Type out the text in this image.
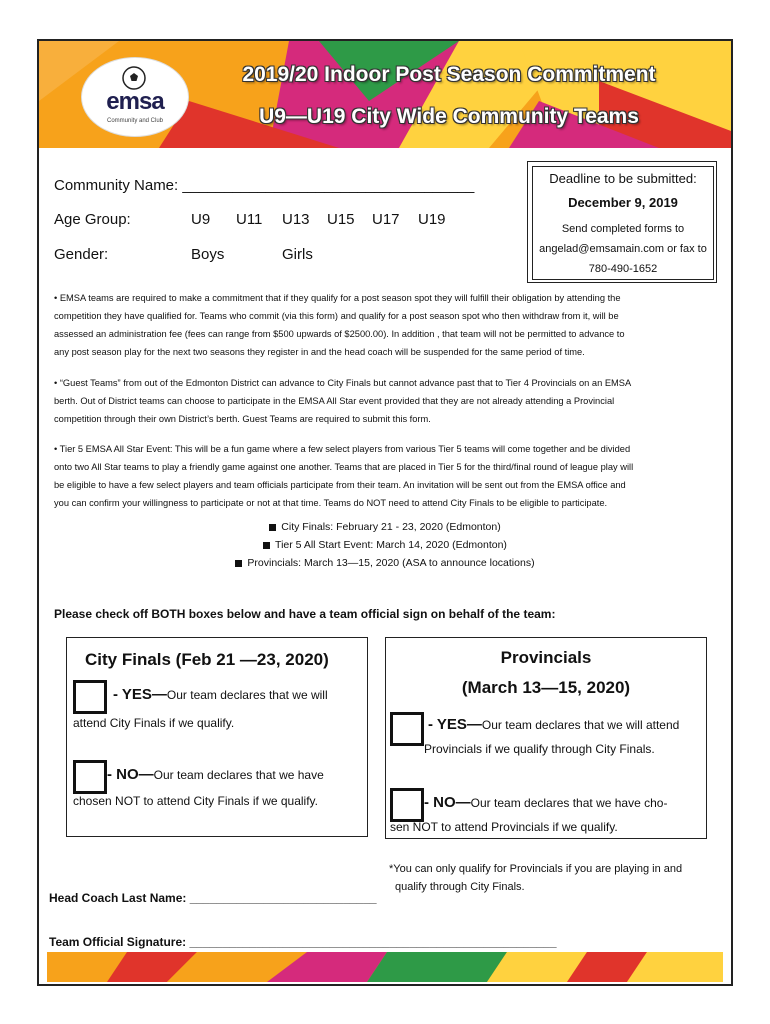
emsa
Community and Club
2019/20 Indoor Post Season Commitment
U9—U19 City Wide Community Teams
Deadline to be submitted:
December 9, 2019
Send completed forms to
angelad@emsamain.com or fax to
780-490-1652
Community Name: ___________________________________
Age Group:	U9 U11 U13 U15 U17 U19
Gender:	Boys	Girls
• EMSA teams are required to make a commitment that if they qualify for a post season spot they will fulfill their obligation by attending the
competition they have qualified for. Teams who commit (via this form) and qualify for a post season spot who then withdraw from it, will be
assessed an administration fee (fees can range from $500 upwards of $2500.00). In addition , that team will not be permitted to advance to
any post season play for the next two seasons they register in and the head coach will be suspended for the same period of time.
• “Guest Teams” from out of the Edmonton District can advance to City Finals but cannot advance past that to Tier 4 Provincials on an EMSA
berth. Out of District teams can choose to participate in the EMSA All Star event provided that they are not already attending a Provincial
competition through their own District’s berth. Guest Teams are required to submit this form.
• Tier 5 EMSA All Star Event: This will be a fun game where a few select players from various Tier 5 teams will come together and be divided
onto two All Star teams to play a friendly game against one another. Teams that are placed in Tier 5 for the third/final round of league play will
be eligible to have a few select players and team officials participate from their team. An invitation will be sent out from the EMSA office and
you can confirm your willingness to participate or not at that time. Teams do NOT need to attend City Finals to be eligible to participate.
City Finals: February 21 - 23, 2020 (Edmonton)
Tier 5 All Start Event: March 14, 2020 (Edmonton)
Provincials: March 13—15, 2020 (ASA to announce locations)
Please check off BOTH boxes below and have a team official sign on behalf of the team:
City Finals (Feb 21 —23, 2020)
- YES—Our team declares that we will
attend City Finals if we qualify.
- NO—Our team declares that we have
chosen NOT to attend City Finals if we qualify.
Provincials
(March 13—15, 2020)
- YES—Our team declares that we will attend
Provincials if we qualify through City Finals.
- NO—Our team declares that we have cho-
sen NOT to attend Provincials if we qualify.
*You can only qualify for Provincials if you are playing in and
qualify through City Finals.
Head Coach Last Name: ____________________________
Team Official Signature: _______________________________________________________
